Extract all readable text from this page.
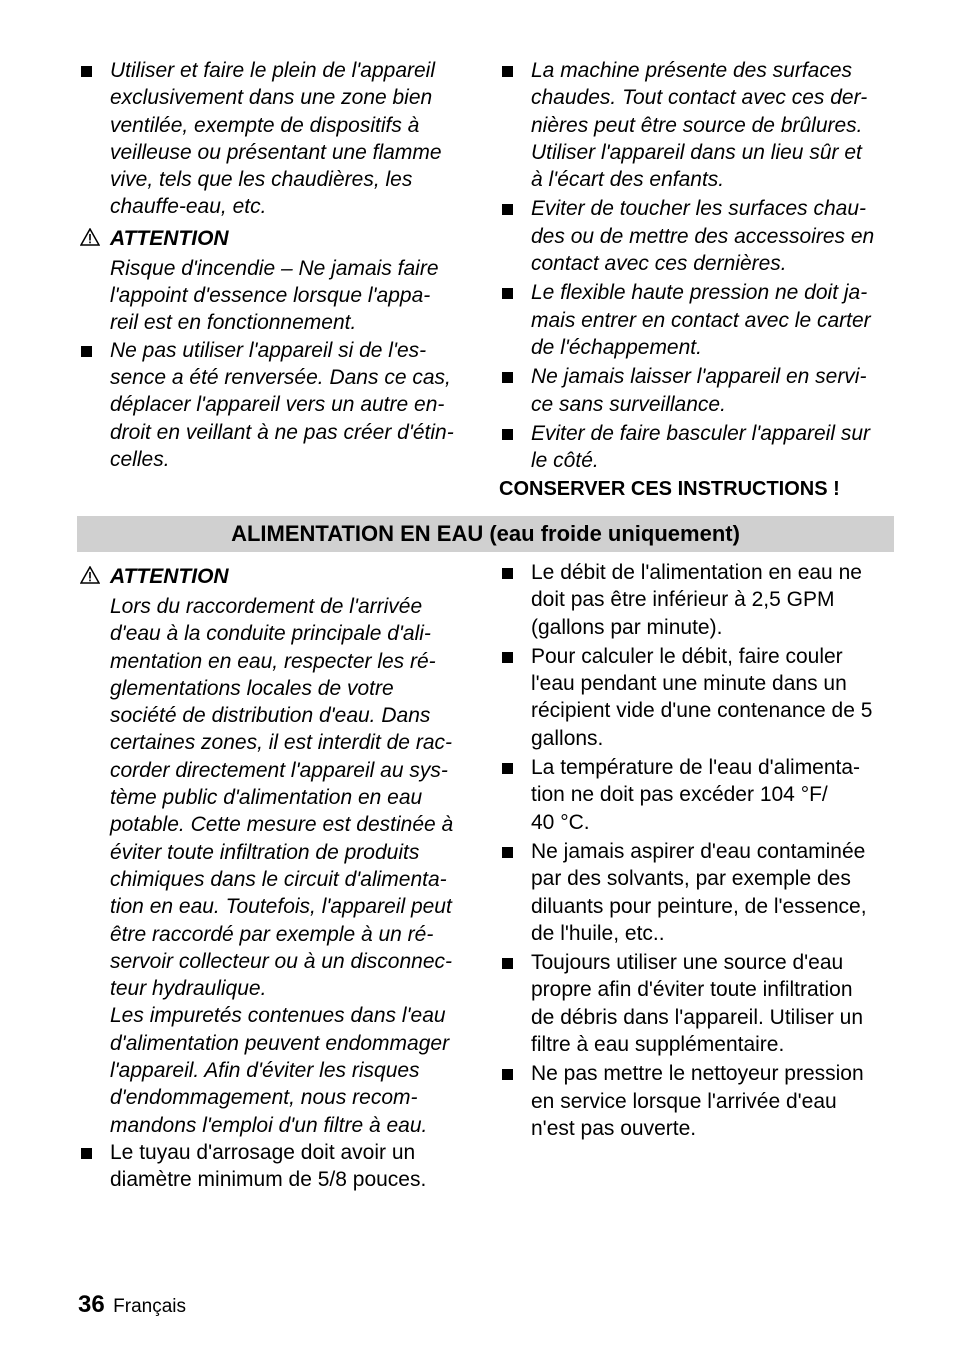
Utiliser et faire le plein de l'appareil
exclusivement dans une zone bien
ventilée, exempte de dispositifs à
veilleuse ou présentant une flamme
vive, tels que les chaudières, les
chauffe-eau, etc.

ATTENTION

Risque d'incendie – Ne jamais faire
l'appoint d'essence lorsque l'appa-
reil est en fonctionnement.

Ne pas utiliser l'appareil si de l'es-
sence a été renversée. Dans ce cas,
déplacer l'appareil vers un autre en-
droit en veillant à ne pas créer d'étin-
celles.

La machine présente des surfaces
chaudes. Tout contact avec ces der-
nières peut être source de brûlures.
Utiliser l'appareil dans un lieu sûr et
à l'écart des enfants.

Eviter de toucher les surfaces chau-
des ou de mettre des accessoires en
contact avec ces dernières.

Le flexible haute pression ne doit ja-
mais entrer en contact avec le carter
de l'échappement.

Ne jamais laisser l'appareil en servi-
ce sans surveillance.

Eviter de faire basculer l'appareil sur
le côté.

CONSERVER CES INSTRUCTIONS !
ALIMENTATION EN EAU (eau froide uniquement)
ATTENTION

Lors du raccordement de l'arrivée
d'eau à la conduite principale d'ali-
mentation en eau, respecter les ré-
glementations locales de votre
société de distribution d'eau. Dans
certaines zones, il est interdit de rac-
corder directement l'appareil au sys-
tème public d'alimentation en eau
potable. Cette mesure est destinée à
éviter toute infiltration de produits
chimiques dans le circuit d'alimenta-
tion en eau. Toutefois, l'appareil peut
être raccordé par exemple à un ré-
servoir collecteur ou à un disconnec-
teur hydraulique.
Les impuretés contenues dans l'eau
d'alimentation peuvent endommager
l'appareil. Afin d'éviter les risques
d'endommagement, nous recom-
mandons l'emploi d'un filtre à eau.

Le tuyau d'arrosage doit avoir un
diamètre minimum de 5/8 pouces.

Le débit de l'alimentation en eau ne
doit pas être inférieur à 2,5 GPM
(gallons par minute).

Pour calculer le débit, faire couler
l'eau pendant une minute dans un
récipient vide d'une contenance de 5
gallons.

La température de l'eau d'alimenta-
tion ne doit pas excéder 104 °F/
40 °C.

Ne jamais aspirer d'eau contaminée
par des solvants, par exemple des
diluants pour peinture, de l'essence,
de l'huile, etc..

Toujours utiliser une source d'eau
propre afin d'éviter toute infiltration
de débris dans l'appareil. Utiliser un
filtre à eau supplémentaire.

Ne pas mettre le nettoyeur pression
en service lorsque l'arrivée d'eau
n'est pas ouverte.

36 Français
